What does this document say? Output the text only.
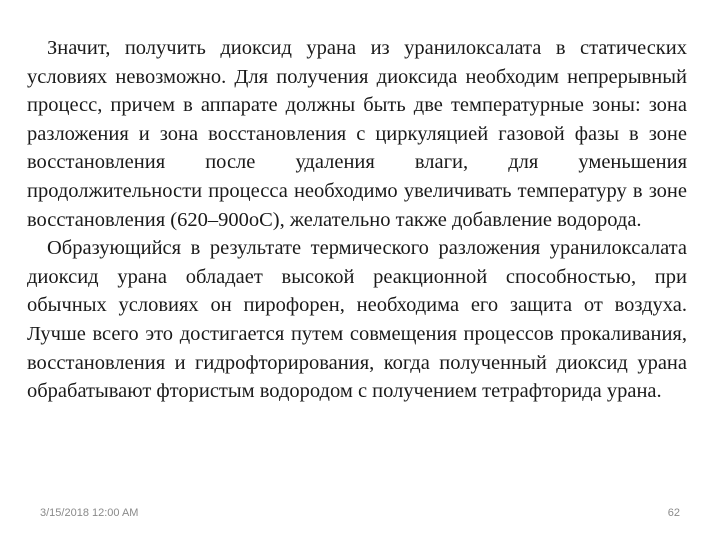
Значит, получить диоксид урана из уранилоксалата в статических условиях невозможно. Для получения диоксида необходим непрерывный процесс, причем в аппарате должны быть две температурные зоны: зона разложения и зона восстановления с циркуляцией газовой фазы в зоне восстановления после удаления влаги, для уменьшения продолжительности процесса необходимо увеличивать температуру в зоне восстановления (620–900оС), желательно также добавление водорода.

Образующийся в результате термического разложения уранилоксалата диоксид урана обладает высокой реакционной способностью, при обычных условиях он пирофорен, необходима его защита от воздуха. Лучше всего это достигается путем совмещения процессов прокаливания, восстановления и гидрофторирования, когда полученный диоксид урана обрабатывают фтористым водородом с получением тетрафторида урана.

3/15/2018 12:00 AM	62
